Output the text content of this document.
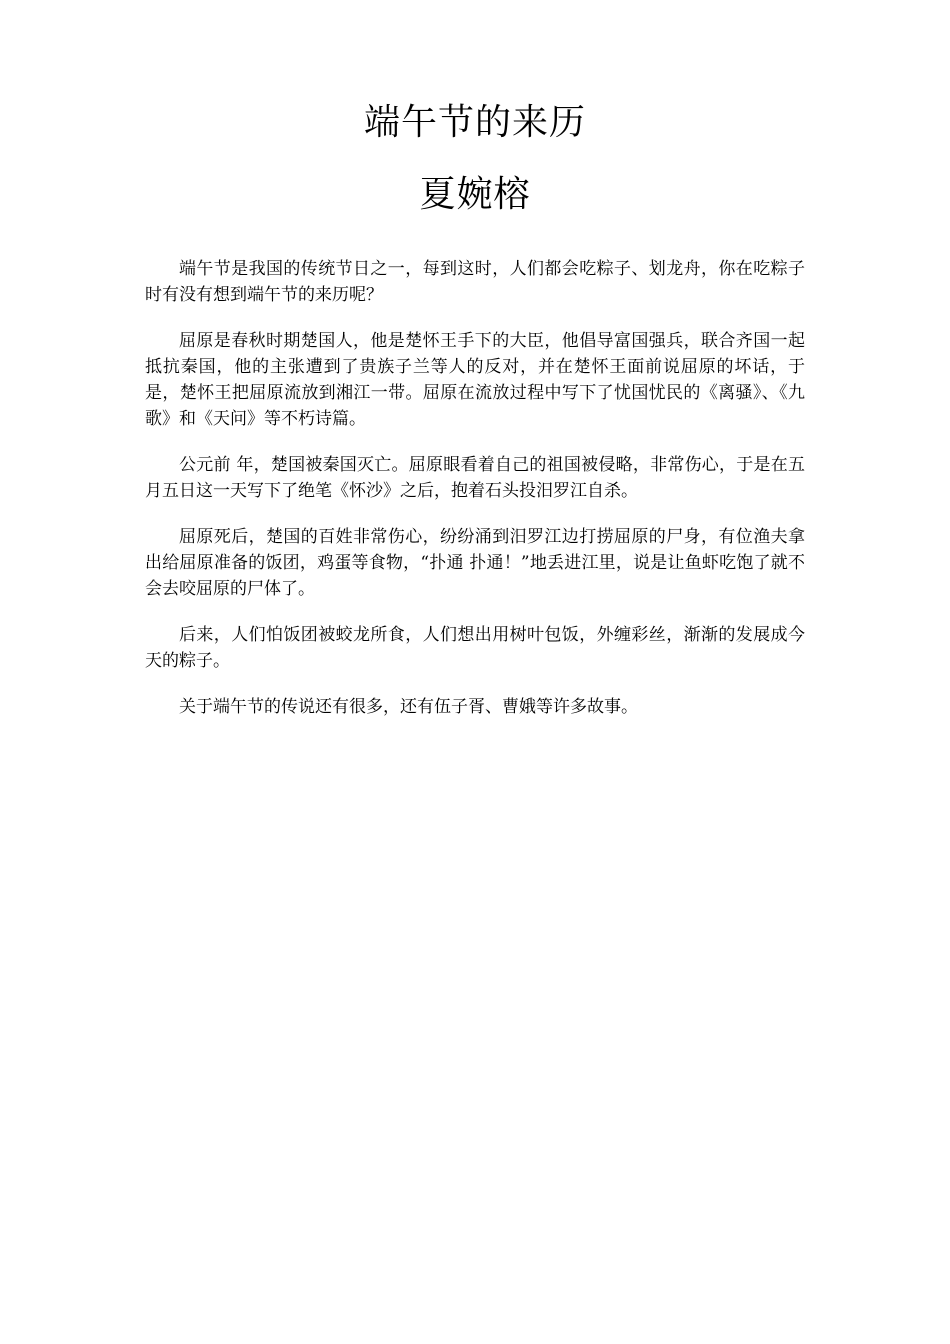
端午节的来历
夏婉榕

端午节是我国的传统节日之一，每到这时，人们都会吃粽子、划龙舟，你在吃粽子时有没有想到端午节的来历呢？

屈原是春秋时期楚国人，他是楚怀王手下的大臣，他倡导富国强兵，联合齐国一起抵抗秦国，他的主张遭到了贵族子兰等人的反对，并在楚怀王面前说屈原的坏话，于是，楚怀王把屈原流放到湘江一带。屈原在流放过程中写下了忧国忧民的《离骚》、《九歌》和《天问》等不朽诗篇。

公元前 年，楚国被秦国灭亡。屈原眼看着自己的祖国被侵略，非常伤心，于是在五月五日这一天写下了绝笔《怀沙》之后，抱着石头投汨罗江自杀。

屈原死后，楚国的百姓非常伤心，纷纷涌到汨罗江边打捞屈原的尸身，有位渔夫拿出给屈原准备的饭团，鸡蛋等食物，“扑通 扑通！”地丢进江里，说是让鱼虾吃饱了就不会去咬屈原的尸体了。

后来，人们怕饭团被蛟龙所食，人们想出用树叶包饭，外缠彩丝，渐渐的发展成今天的粽子。

关于端午节的传说还有很多，还有伍子胥、曹娥等许多故事。
